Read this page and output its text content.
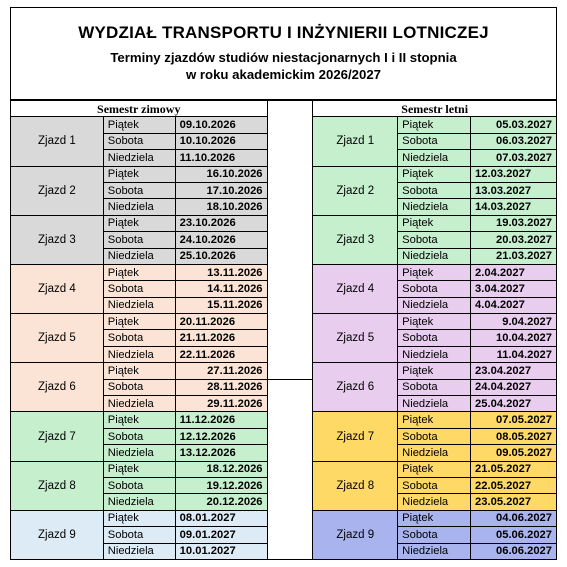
WYDZIAŁ TRANSPORTU I INŻYNIERII LOTNICZEJ
Terminy zjazdów studiów niestacjonarnych I i II stopnia
w roku akademickim 2026/2027
Semestr zimowy				Semestr letni		
Zjazd 1	Piątek	09.10.2026		Zjazd 1	Piątek	05.03.2027
	Sobota	10.10.2026			Sobota	06.03.2027
	Niedziela	11.10.2026			Niedziela	07.03.2027
Zjazd 2	Piątek	16.10.2026		Zjazd 2	Piątek	12.03.2027
	Sobota	17.10.2026			Sobota	13.03.2027
	Niedziela	18.10.2026			Niedziela	14.03.2027
Zjazd 3	Piątek	23.10.2026		Zjazd 3	Piątek	19.03.2027
	Sobota	24.10.2026			Sobota	20.03.2027
	Niedziela	25.10.2026			Niedziela	21.03.2027
Zjazd 4	Piątek	13.11.2026		Zjazd 4	Piątek	2.04.2027
	Sobota	14.11.2026			Sobota	3.04.2027
	Niedziela	15.11.2026			Niedziela	4.04.2027
Zjazd 5	Piątek	20.11.2026		Zjazd 5	Piątek	9.04.2027
	Sobota	21.11.2026			Sobota	10.04.2027
	Niedziela	22.11.2026			Niedziela	11.04.2027
Zjazd 6	Piątek	27.11.2026		Zjazd 6	Piątek	23.04.2027
	Sobota	28.11.2026			Sobota	24.04.2027
	Niedziela	29.11.2026			Niedziela	25.04.2027
Zjazd 7	Piątek	11.12.2026		Zjazd 7	Piątek	07.05.2027
	Sobota	12.12.2026			Sobota	08.05.2027
	Niedziela	13.12.2026			Niedziela	09.05.2027
Zjazd 8	Piątek	18.12.2026		Zjazd 8	Piątek	21.05.2027
	Sobota	19.12.2026			Sobota	22.05.2027
	Niedziela	20.12.2026			Niedziela	23.05.2027
Zjazd 9	Piątek	08.01.2027		Zjazd 9	Piątek	04.06.2027
	Sobota	09.01.2027			Sobota	05.06.2027
	Niedziela	10.01.2027			Niedziela	06.06.2027
